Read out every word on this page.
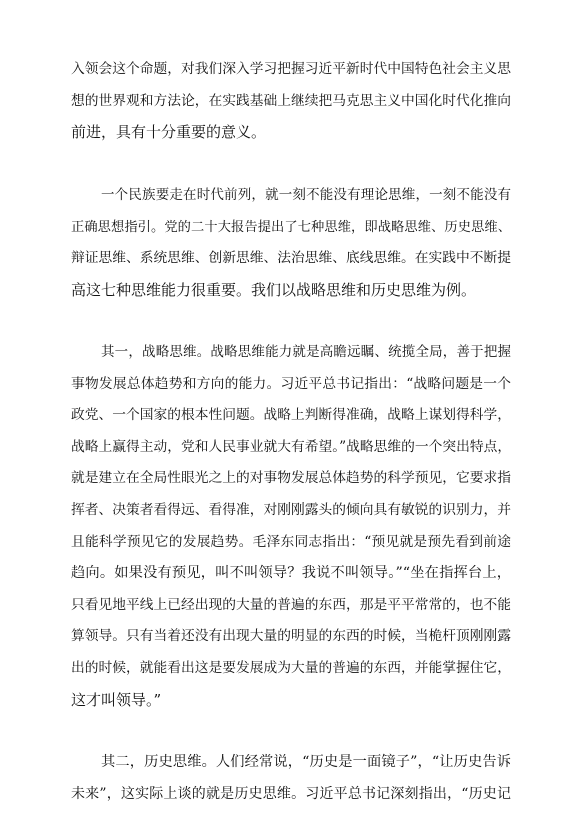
入领会这个命题，对我们深入学习把握习近平新时代中国特色社会主义思
想的世界观和方法论，在实践基础上继续把马克思主义中国化时代化推向
前进，具有十分重要的意义。
一个民族要走在时代前列，就一刻不能没有理论思维，一刻不能没有
正确思想指引。党的二十大报告提出了七种思维，即战略思维、历史思维、
辩证思维、系统思维、创新思维、法治思维、底线思维。在实践中不断提
高这七种思维能力很重要。我们以战略思维和历史思维为例。
其一，战略思维。战略思维能力就是高瞻远瞩、统揽全局，善于把握
事物发展总体趋势和方向的能力。习近平总书记指出：“战略问题是一个
政党、一个国家的根本性问题。战略上判断得准确，战略上谋划得科学，
战略上赢得主动，党和人民事业就大有希望。”战略思维的一个突出特点，
就是建立在全局性眼光之上的对事物发展总体趋势的科学预见，它要求指
挥者、决策者看得远、看得准，对刚刚露头的倾向具有敏锐的识别力，并
且能科学预见它的发展趋势。毛泽东同志指出：“预见就是预先看到前途
趋向。如果没有预见，叫不叫领导？我说不叫领导。”“坐在指挥台上，
只看见地平线上已经出现的大量的普遍的东西，那是平平常常的，也不能
算领导。只有当着还没有出现大量的明显的东西的时候，当桅杆顶刚刚露
出的时候，就能看出这是要发展成为大量的普遍的东西，并能掌握住它，
这才叫领导。”
其二，历史思维。人们经常说，“历史是一面镜子”，“让历史告诉
未来”，这实际上谈的就是历史思维。习近平总书记深刻指出，“历史记
